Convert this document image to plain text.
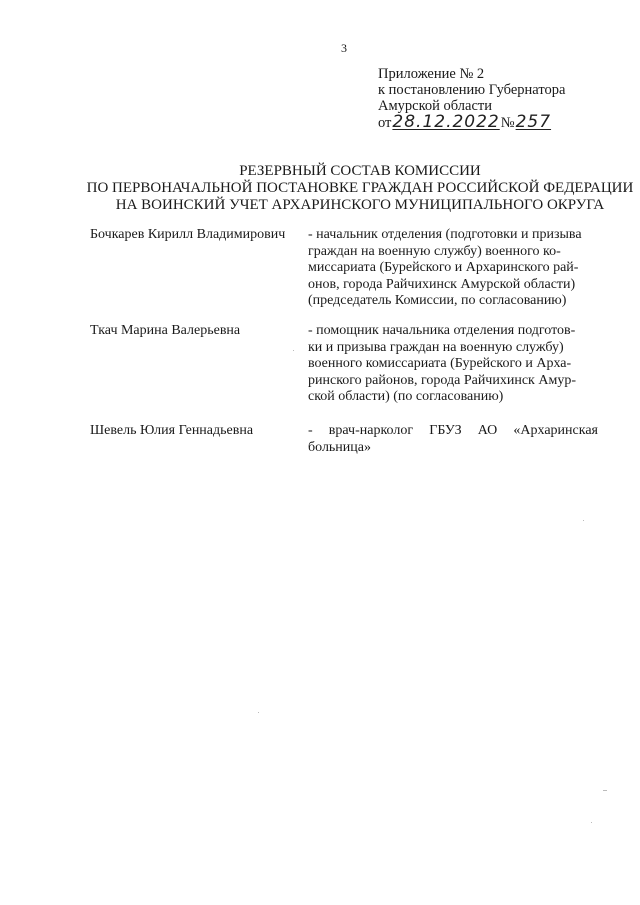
3
Приложение № 2
к постановлению Губернатора
Амурской области
от 28.12.2022 № 257
РЕЗЕРВНЫЙ СОСТАВ КОМИССИИ
ПО ПЕРВОНАЧАЛЬНОЙ ПОСТАНОВКЕ ГРАЖДАН РОССИЙСКОЙ ФЕДЕРАЦИИ
НА ВОИНСКИЙ УЧЕТ АРХАРИНСКОГО МУНИЦИПАЛЬНОГО ОКРУГА
Бочкарев Кирилл Владимирович	- начальник отделения (подготовки и призыва
граждан на военную службу) военного ко-
миссариата (Бурейского и Архаринского рай-
онов, города Райчихинск Амурской области)
(председатель Комиссии, по согласованию)
Ткач Марина Валерьевна	- помощник начальника отделения подготов-
ки и призыва граждан на военную службу)
военного комиссариата (Бурейского и Арха-
ринского районов, города Райчихинск Амур-
ской области) (по согласованию)
Шевель Юлия Геннадьевна	- врач-нарколог ГБУЗ АО «Архаринская
больница»
